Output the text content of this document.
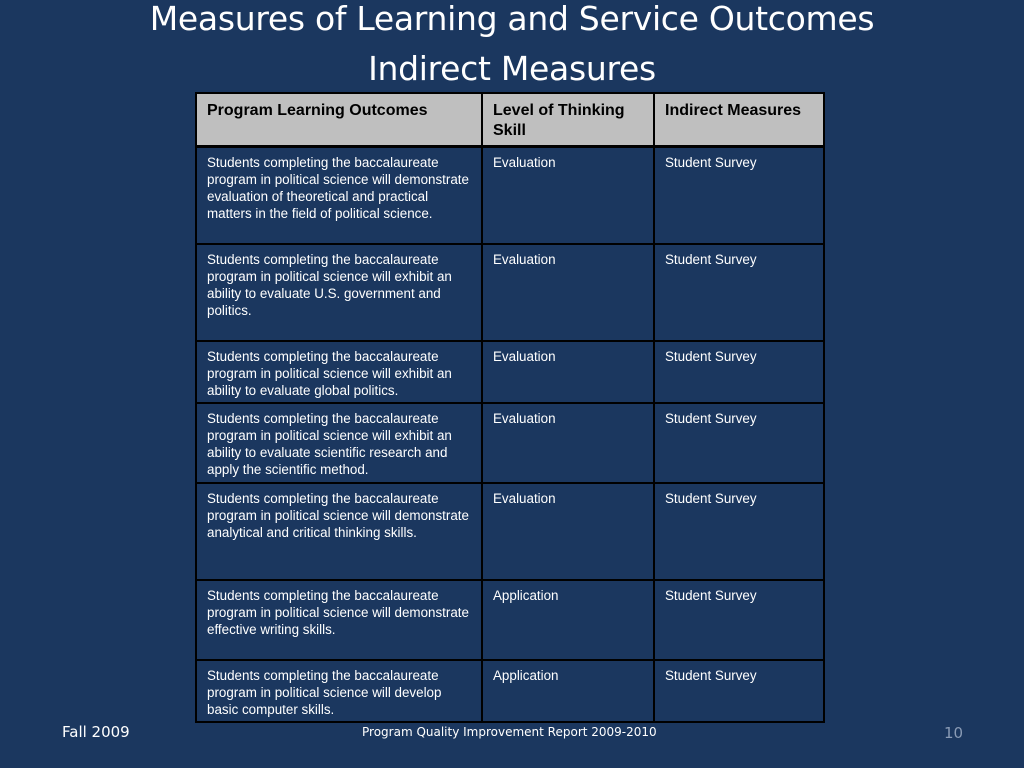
Measures of Learning and Service Outcomes
Indirect Measures
Program Learning Outcomes	Level of Thinking Skill	Indirect Measures
Students completing the baccalaureate program in political science will demonstrate evaluation of theoretical and practical matters in the field of political science.	Evaluation	Student Survey
Students completing the baccalaureate program in political science will exhibit an ability to evaluate U.S. government and politics.	Evaluation	Student Survey
Students completing the baccalaureate program in political science will exhibit an ability to evaluate global politics.	Evaluation	Student Survey
Students completing the baccalaureate program in political science will exhibit an ability to evaluate scientific research and apply the scientific method.	Evaluation	Student Survey
Students completing the baccalaureate program in political science will demonstrate analytical and critical thinking skills.	Evaluation	Student Survey
Students completing the baccalaureate program in political science will demonstrate effective writing skills.	Application	Student Survey
Students completing the baccalaureate program in political science will develop basic computer skills.	Application	Student Survey
Fall 2009	Program Quality Improvement Report 2009-2010	10
